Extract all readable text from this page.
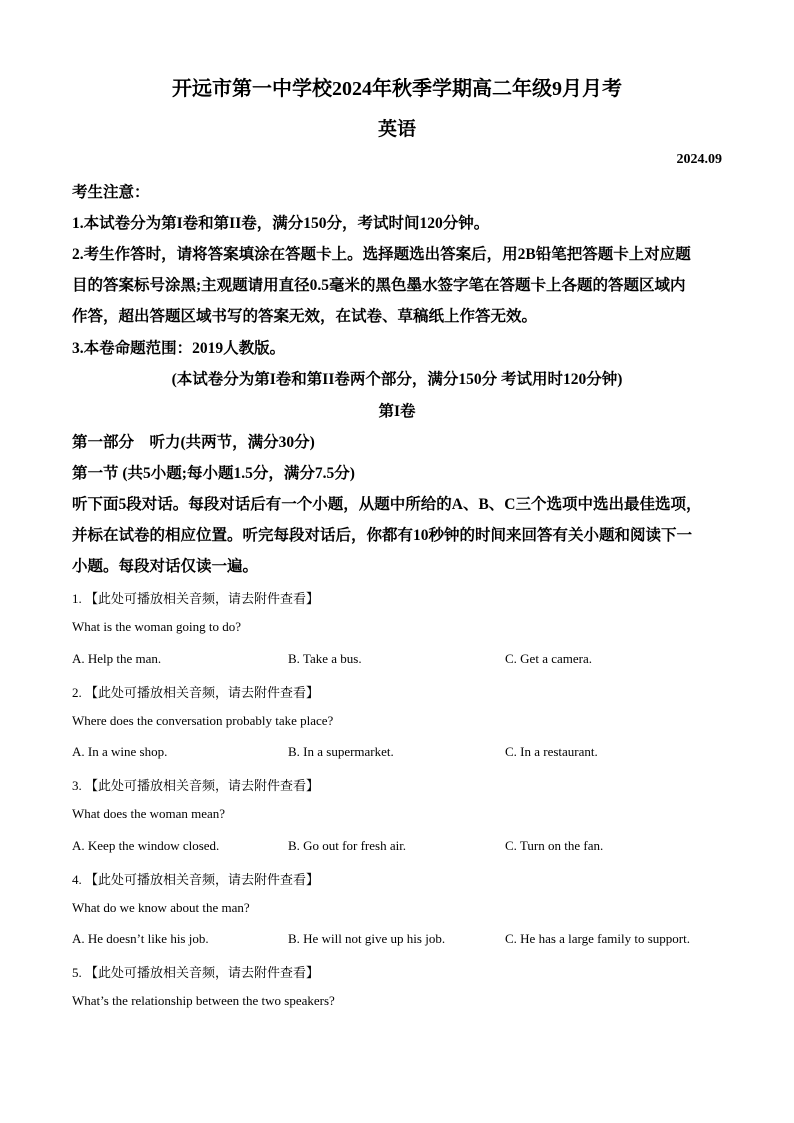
开远市第一中学校2024年秋季学期高二年级9月月考
英语
2024.09
考生注意：
1.本试卷分为第I卷和第II卷，满分150分，考试时间120分钟。
2.考生作答时，请将答案填涂在答题卡上。选择题选出答案后，用2B铅笔把答题卡上对应题
目的答案标号涂黑;主观题请用直径0.5毫米的黑色墨水签字笔在答题卡上各题的答题区域内
作答，超出答题区域书写的答案无效，在试卷、草稿纸上作答无效。
3.本卷命题范围：2019人教版。
(本试卷分为第I卷和第II卷两个部分，满分150分 考试用时120分钟)
第I卷
第一部分　听力(共两节，满分30分)
第一节 (共5小题;每小题1.5分，满分7.5分)
听下面5段对话。每段对话后有一个小题，从题中所给的A、B、C三个选项中选出最佳选项，
并标在试卷的相应位置。听完每段对话后，你都有10秒钟的时间来回答有关小题和阅读下一
小题。每段对话仅读一遍。
1. 【此处可播放相关音频，请去附件查看】
What is the woman going to do?
A. Help the man.	B. Take a bus.	C. Get a camera.
2. 【此处可播放相关音频，请去附件查看】
Where does the conversation probably take place?
A. In a wine shop.	B. In a supermarket.	C. In a restaurant.
3. 【此处可播放相关音频，请去附件查看】
What does the woman mean?
A. Keep the window closed.	B. Go out for fresh air.	C. Turn on the fan.
4. 【此处可播放相关音频，请去附件查看】
What do we know about the man?
A. He doesn’t like his job.	B. He will not give up his job.	C. He has a large family to support.
5. 【此处可播放相关音频，请去附件查看】
What’s the relationship between the two speakers?
